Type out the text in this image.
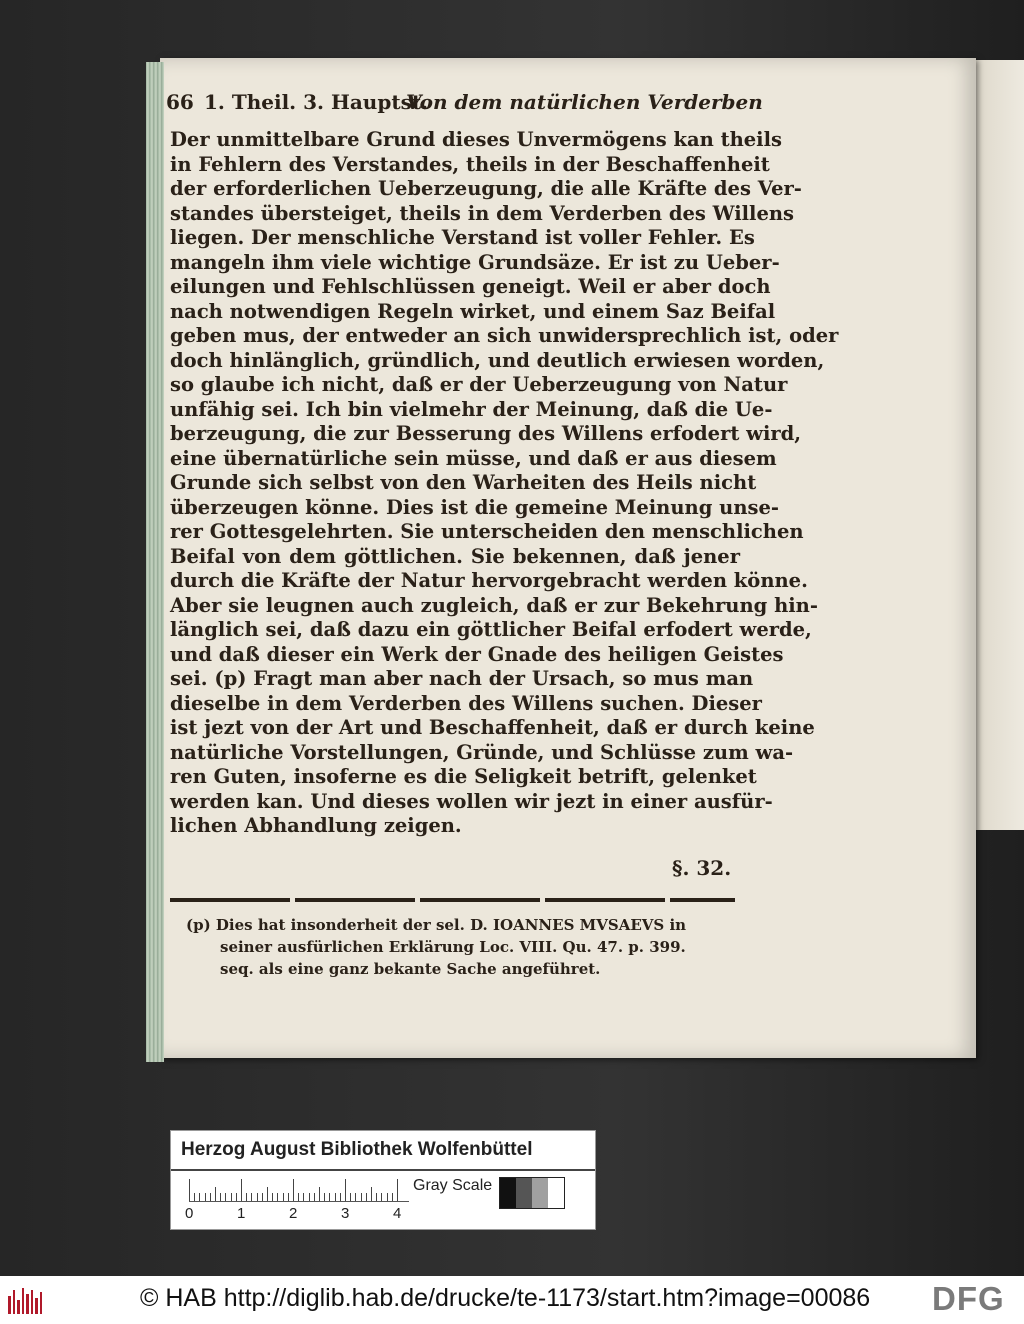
66 1. Theil. 3. Hauptst.
Von dem natürlichen Verderben
Der unmittelbare Grund dieses Unvermögens kan theils
in Fehlern des Verstandes, theils in der Beschaffenheit
der erforderlichen Ueberzeugung, die alle Kräfte des Ver-
standes übersteiget, theils in dem Verderben des Willens
liegen. Der menschliche Verstand ist voller Fehler. Es
mangeln ihm viele wichtige Grundsäze. Er ist zu Ueber-
eilungen und Fehlschlüssen geneigt. Weil er aber doch
nach notwendigen Regeln wirket, und einem Saz Beifal
geben mus, der entweder an sich unwidersprechlich ist, oder
doch hinlänglich, gründlich, und deutlich erwiesen worden,
so glaube ich nicht, daß er der Ueberzeugung von Natur
unfähig sei. Ich bin vielmehr der Meinung, daß die Ue-
berzeugung, die zur Besserung des Willens erfodert wird,
eine übernatürliche sein müsse, und daß er aus diesem
Grunde sich selbst von den Warheiten des Heils nicht
überzeugen könne. Dies ist die gemeine Meinung unse-
rer Gottesgelehrten. Sie unterscheiden den menschlichen
Beifal von dem göttlichen. Sie bekennen, daß jener
durch die Kräfte der Natur hervorgebracht werden könne.
Aber sie leugnen auch zugleich, daß er zur Bekehrung hin-
länglich sei, daß dazu ein göttlicher Beifal erfodert werde,
und daß dieser ein Werk der Gnade des heiligen Geistes
sei. (p) Fragt man aber nach der Ursach, so mus man
dieselbe in dem Verderben des Willens suchen. Dieser
ist jezt von der Art und Beschaffenheit, daß er durch keine
natürliche Vorstellungen, Gründe, und Schlüsse zum wa-
ren Guten, insoferne es die Seligkeit betrift, gelenket
werden kan. Und dieses wollen wir jezt in einer ausfür-
lichen Abhandlung zeigen.
§. 32.
(p) Dies hat insonderheit der sel. D. IOANNES MVSAEVS in
seiner ausfürlichen Erklärung Loc. VIII. Qu. 47. p. 399.
seq. als eine ganz bekante Sache angeführet.
Herzog August Bibliothek Wolfenbüttel
0	1	2	3	4
Gray Scale
© HAB http://diglib.hab.de/drucke/te-1173/start.htm?image=00086 DFG
